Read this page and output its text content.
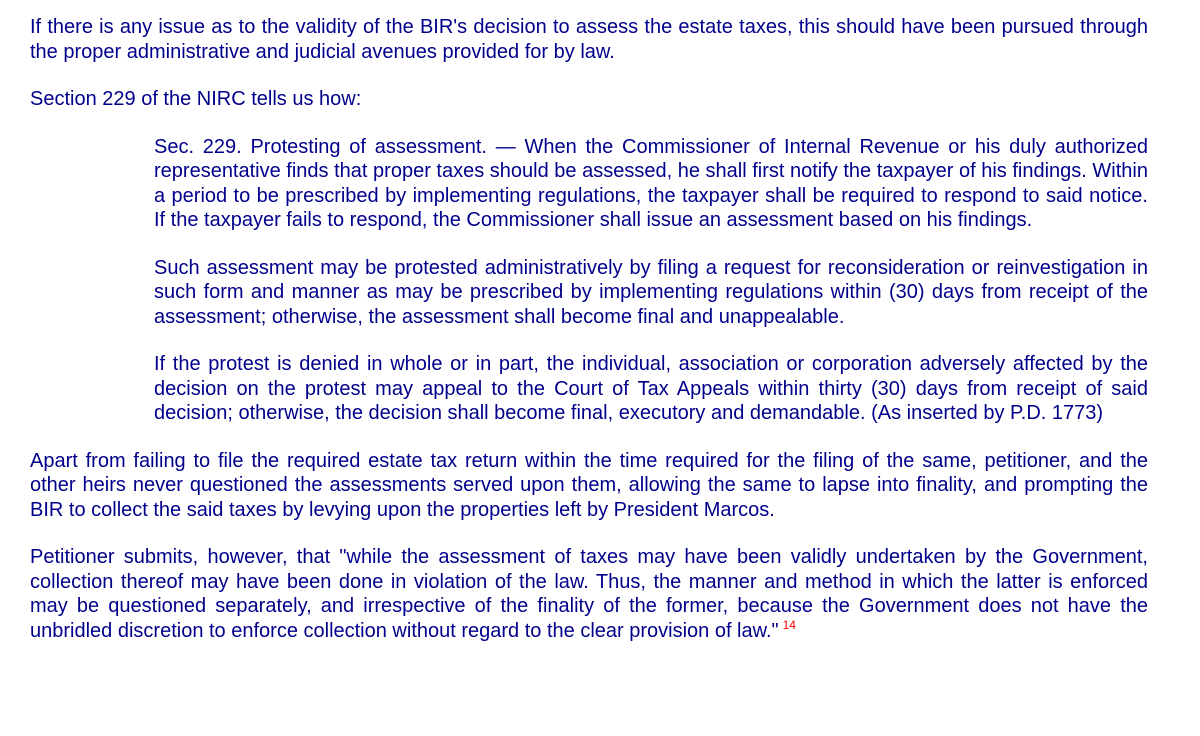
If there is any issue as to the validity of the BIR's decision to assess the estate taxes, this should have been pursued through the proper administrative and judicial avenues provided for by law.

Section 229 of the NIRC tells us how:

Sec. 229. Protesting of assessment. — When the Commissioner of Internal Revenue or his duly authorized representative finds that proper taxes should be assessed, he shall first notify the taxpayer of his findings. Within a period to be prescribed by implementing regulations, the taxpayer shall be required to respond to said notice. If the taxpayer fails to respond, the Commissioner shall issue an assessment based on his findings.

Such assessment may be protested administratively by filing a request for reconsideration or reinvestigation in such form and manner as may be prescribed by implementing regulations within (30) days from receipt of the assessment; otherwise, the assessment shall become final and unappealable.

If the protest is denied in whole or in part, the individual, association or corporation adversely affected by the decision on the protest may appeal to the Court of Tax Appeals within thirty (30) days from receipt of said decision; otherwise, the decision shall become final, executory and demandable. (As inserted by P.D. 1773)

Apart from failing to file the required estate tax return within the time required for the filing of the same, petitioner, and the other heirs never questioned the assessments served upon them, allowing the same to lapse into finality, and prompting the BIR to collect the said taxes by levying upon the properties left by President Marcos.

Petitioner submits, however, that "while the assessment of taxes may have been validly undertaken by the Government, collection thereof may have been done in violation of the law. Thus, the manner and method in which the latter is enforced may be questioned separately, and irrespective of the finality of the former, because the Government does not have the unbridled discretion to enforce collection without regard to the clear provision of law." $^{14}$
